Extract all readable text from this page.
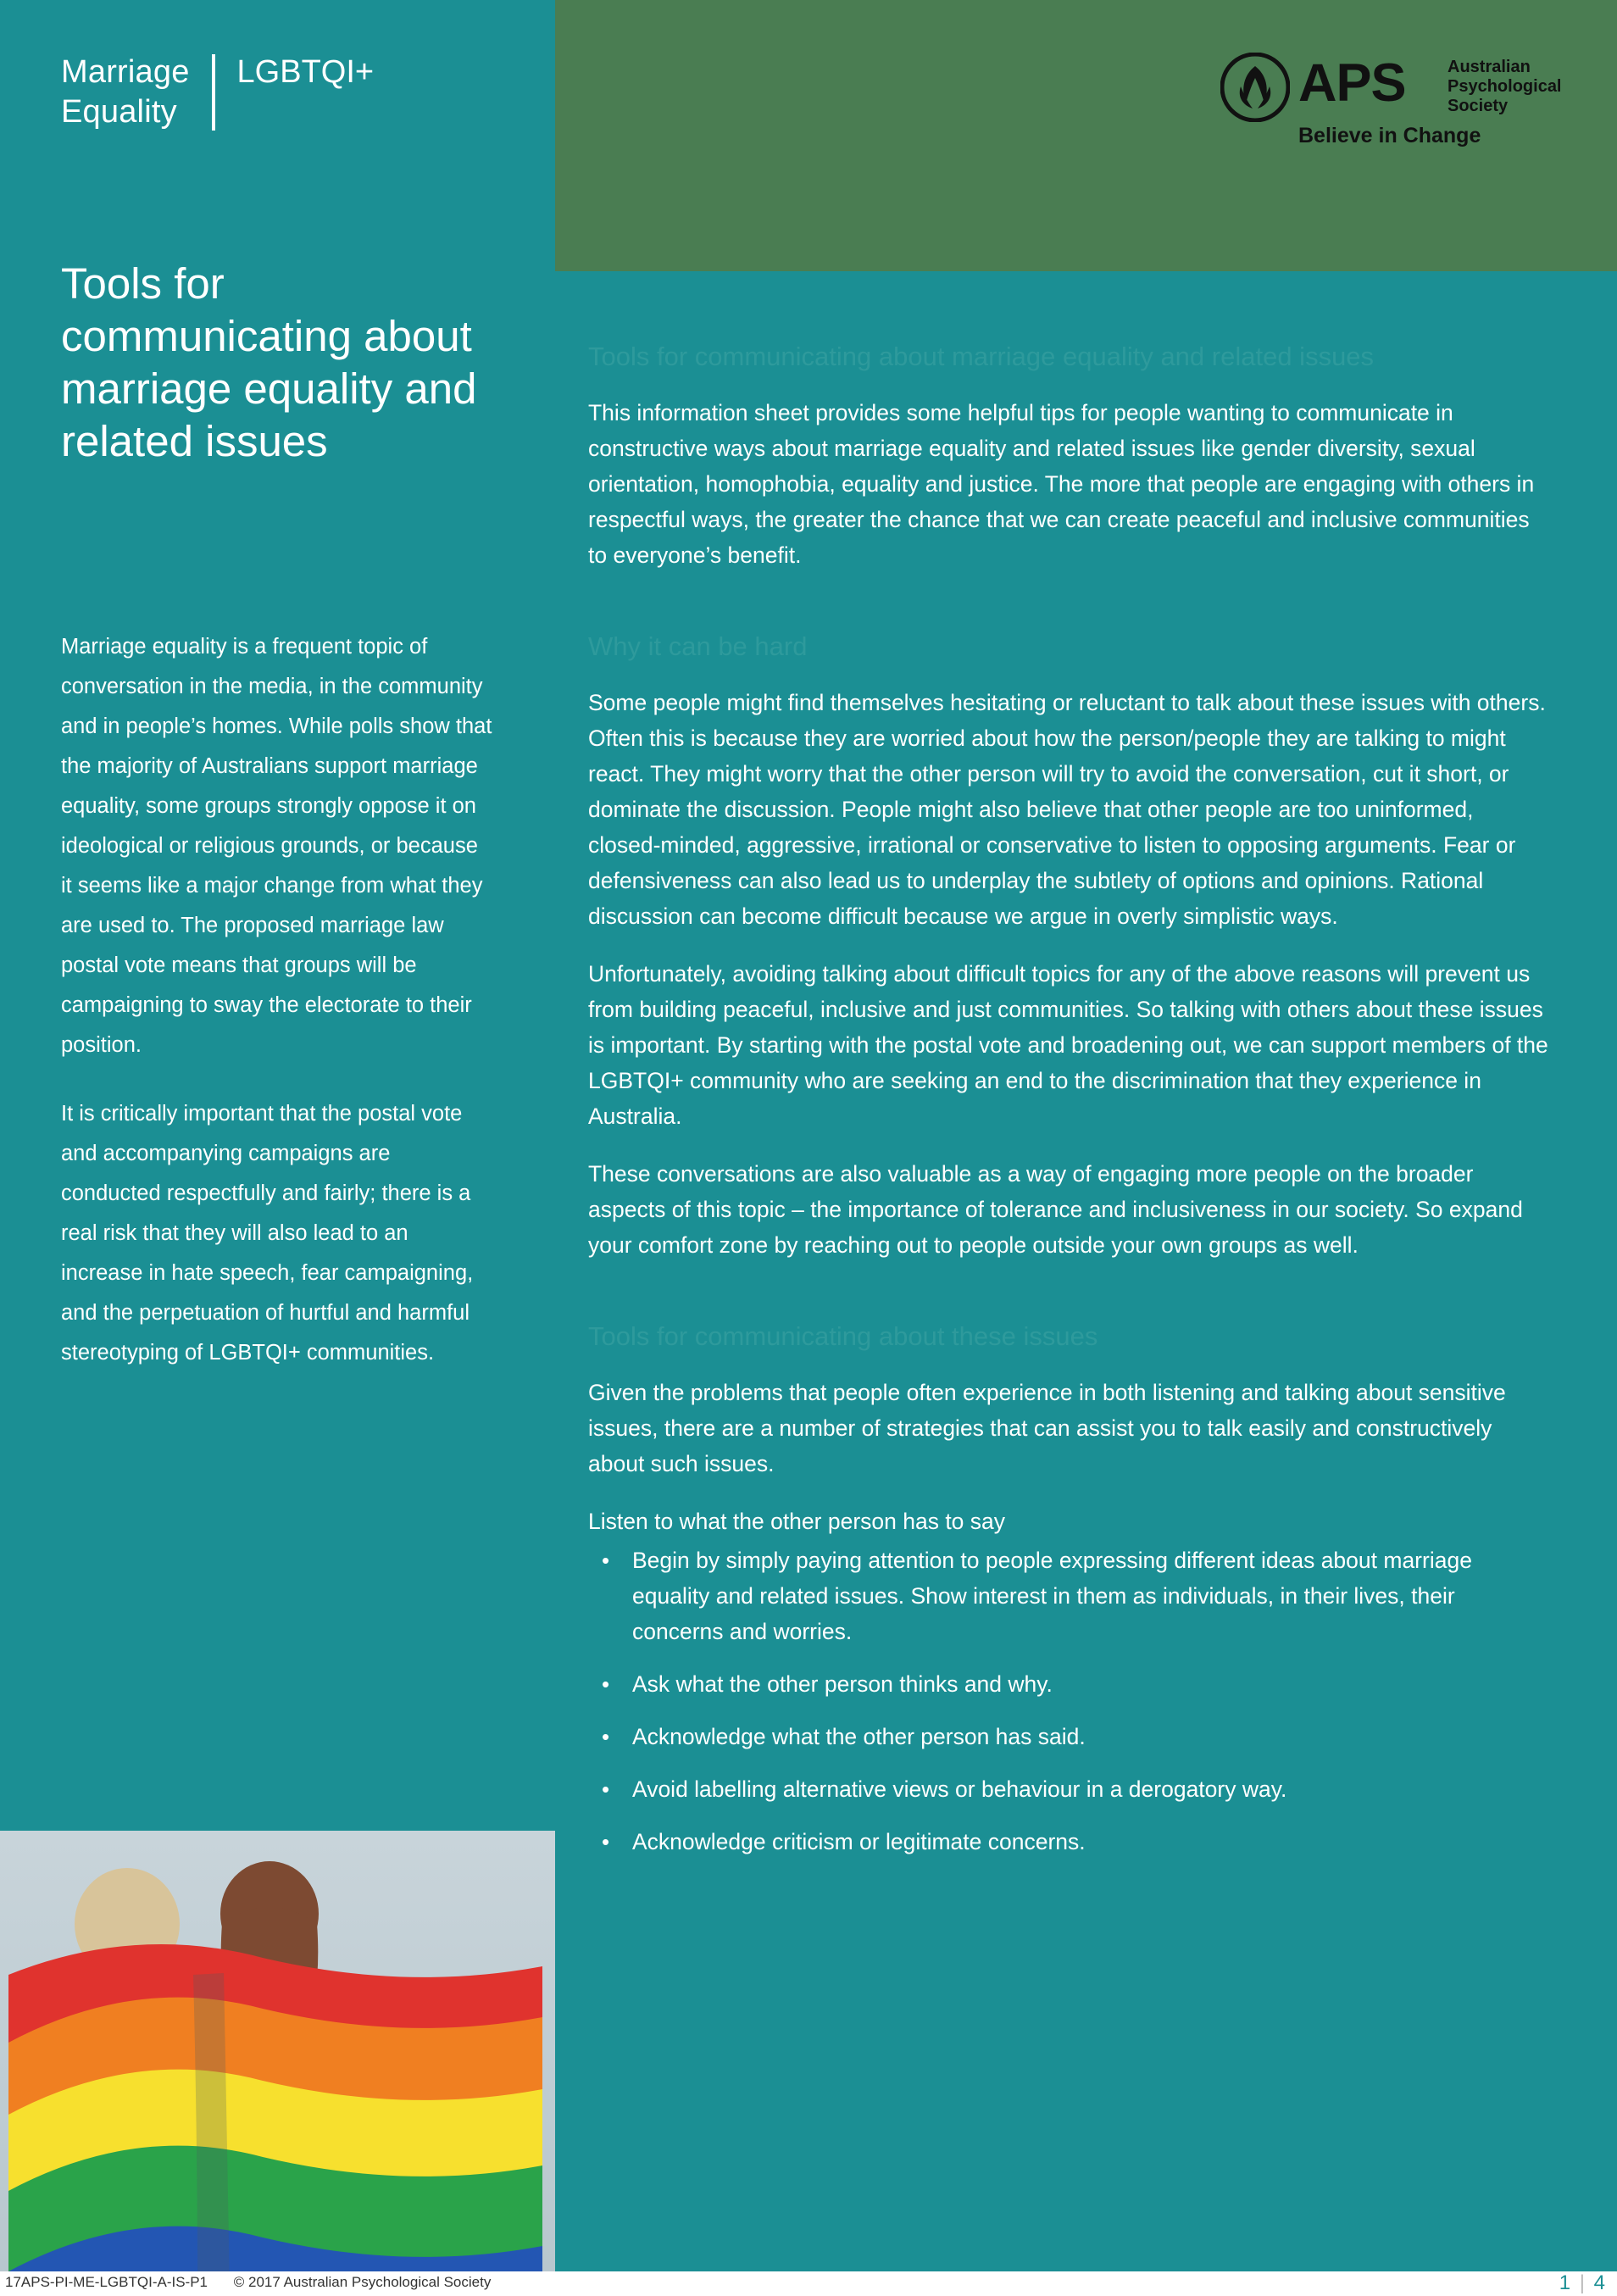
Marriage
EqualityLGBTQI+	APS Australian
Psychological
Society
Believe in Change
Tools for communicating about marriage equality and related issues

Marriage equality is a frequent topic of conversation in the media, in the community and in people’s homes. While polls show that the majority of Australians support marriage equality, some groups strongly oppose it on ideological or religious grounds, or because it seems like a major change from what they are used to. The proposed marriage law postal vote means that groups will be campaigning to sway the electorate to their position.

It is critically important that the postal vote and accompanying campaigns are conducted respectfully and fairly; there is a real risk that they will also lead to an increase in hate speech, fear campaigning, and the perpetuation of hurtful and harmful stereotyping of LGBTQI+ communities.

Tools for communicating about marriage equality and related issues

This information sheet provides some helpful tips for people wanting to communicate in constructive ways about marriage equality and related issues like gender diversity, sexual orientation, homophobia, equality and justice. The more that people are engaging with others in respectful ways, the greater the chance that we can create peaceful and inclusive communities to everyone’s benefit.

Why it can be hard

Some people might find themselves hesitating or reluctant to talk about these issues with others. Often this is because they are worried about how the person/people they are talking to might react. They might worry that the other person will try to avoid the conversation, cut it short, or dominate the discussion. People might also believe that other people are too uninformed, closed-minded, aggressive, irrational or conservative to listen to opposing arguments. Fear or defensiveness can also lead us to underplay the subtlety of options and opinions. Rational discussion can become difficult because we argue in overly simplistic ways.

Unfortunately, avoiding talking about difficult topics for any of the above reasons will prevent us from building peaceful, inclusive and just communities. So talking with others about these issues is important. By starting with the postal vote and broadening out, we can support members of the LGBTQI+ community who are seeking an end to the discrimination that they experience in Australia.

These conversations are also valuable as a way of engaging more people on the broader aspects of this topic – the importance of tolerance and inclusiveness in our society. So expand your comfort zone by reaching out to people outside your own groups as well.

Tools for communicating about these issues

Given the problems that people often experience in both listening and talking about sensitive issues, there are a number of strategies that can assist you to talk easily and constructively about such issues.

Listen to what the other person has to say

• Begin by simply paying attention to people expressing different ideas about marriage equality and related issues. Show interest in them as individuals, in their lives, their concerns and worries.
• Ask what the other person thinks and why.
• Acknowledge what the other person has said.
• Avoid labelling alternative views or behaviour in a derogatory way.
• Acknowledge criticism or legitimate concerns.
17APS-PI-ME-LGBTQI-A-IS-P1 © 2017 Australian Psychological Society	1 | 4
